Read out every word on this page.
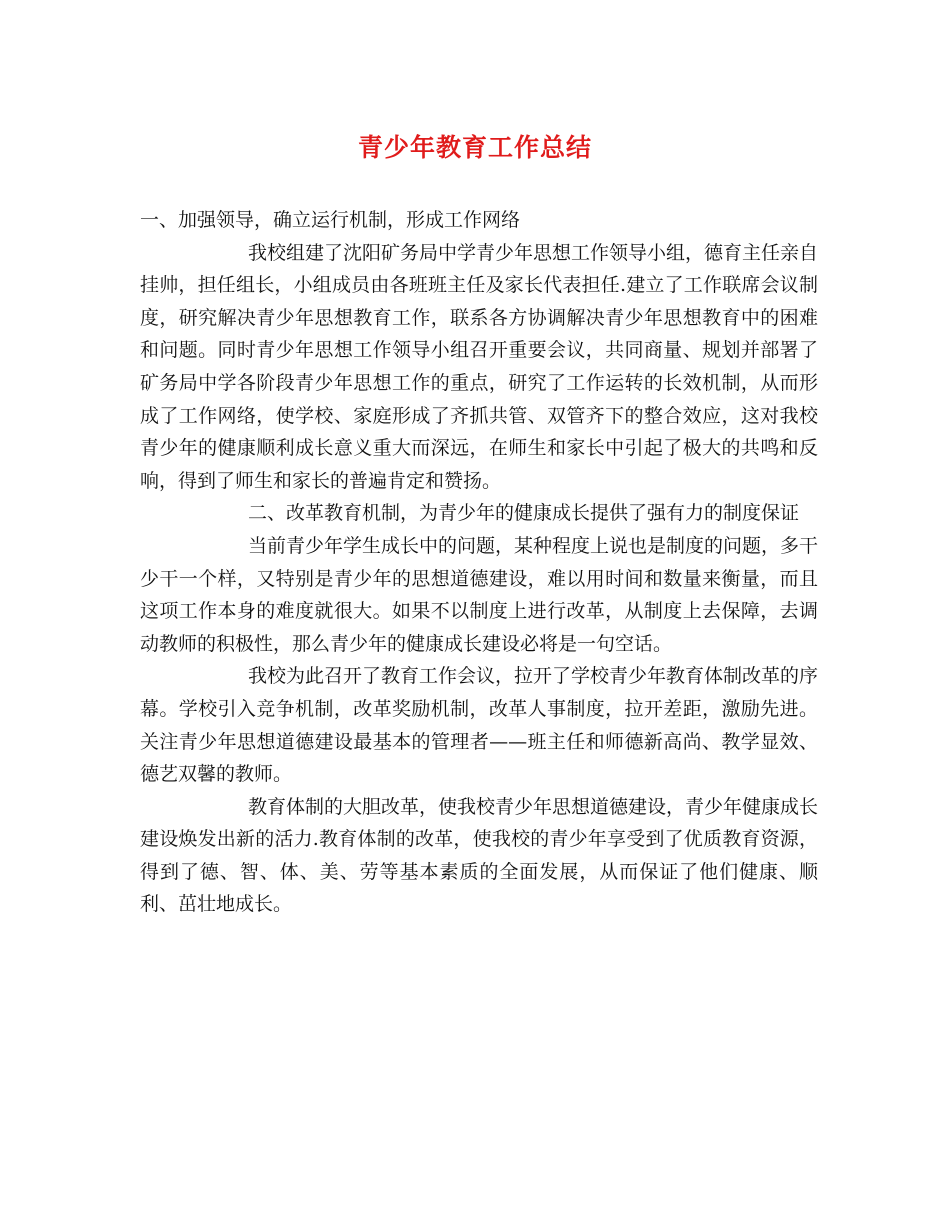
青少年教育工作总结

一、加强领导，确立运行机制，形成工作网络

我校组建了沈阳矿务局中学青少年思想工作领导小组，德育主任亲自挂帅，担任组长，小组成员由各班班主任及家长代表担任.建立了工作联席会议制度，研究解决青少年思想教育工作，联系各方协调解决青少年思想教育中的困难和问题。同时青少年思想工作领导小组召开重要会议，共同商量、规划并部署了矿务局中学各阶段青少年思想工作的重点，研究了工作运转的长效机制，从而形成了工作网络，使学校、家庭形成了齐抓共管、双管齐下的整合效应，这对我校青少年的健康顺利成长意义重大而深远，在师生和家长中引起了极大的共鸣和反响，得到了师生和家长的普遍肯定和赞扬。

二、改革教育机制，为青少年的健康成长提供了强有力的制度保证

当前青少年学生成长中的问题，某种程度上说也是制度的问题，多干少干一个样，又特别是青少年的思想道德建设，难以用时间和数量来衡量，而且这项工作本身的难度就很大。如果不以制度上进行改革，从制度上去保障，去调动教师的积极性，那么青少年的健康成长建设必将是一句空话。

我校为此召开了教育工作会议，拉开了学校青少年教育体制改革的序幕。学校引入竞争机制，改革奖励机制，改革人事制度，拉开差距，激励先进。关注青少年思想道德建设最基本的管理者——班主任和师德新高尚、教学显效、德艺双馨的教师。

教育体制的大胆改革，使我校青少年思想道德建设，青少年健康成长建设焕发出新的活力.教育体制的改革，使我校的青少年享受到了优质教育资源，得到了德、智、体、美、劳等基本素质的全面发展，从而保证了他们健康、顺利、茁壮地成长。
